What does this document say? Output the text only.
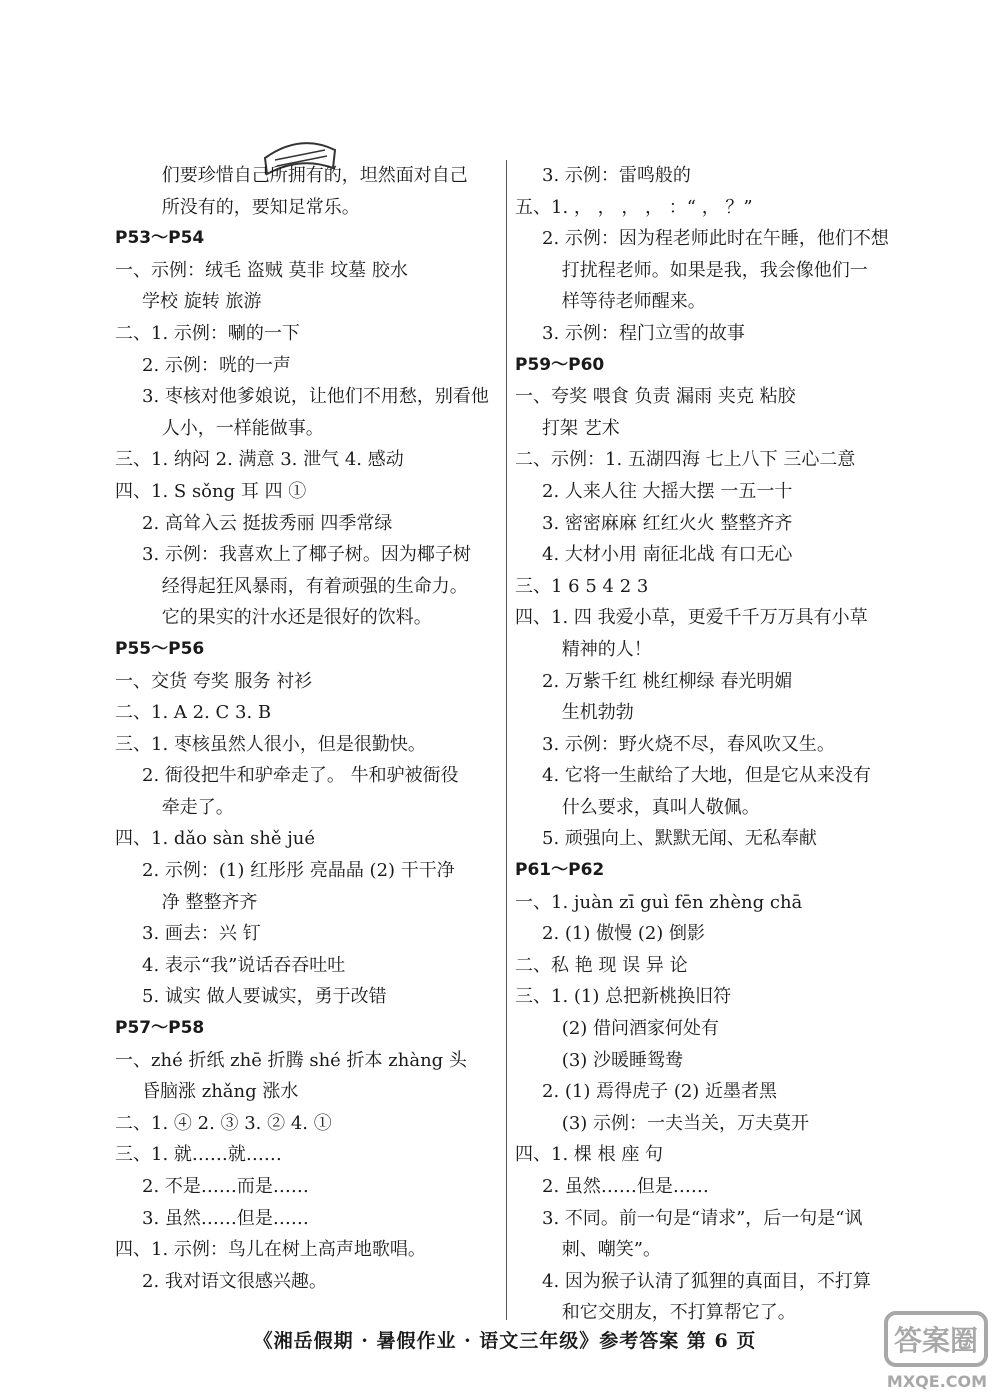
们要珍惜自己所拥有的，坦然面对自己
所没有的，要知足常乐。
P53～P54
一、示例：绒毛 盗贼 莫非 坟墓 胶水
学校 旋转 旅游
二、1. 示例：唰的一下
2. 示例：咣的一声
3. 枣核对他爹娘说，让他们不用愁，别看他
人小，一样能做事。
三、1. 纳闷 2. 满意 3. 泄气 4. 感动
四、1. S sǒng 耳 四 ①
2. 高耸入云 挺拔秀丽 四季常绿
3. 示例：我喜欢上了椰子树。因为椰子树
经得起狂风暴雨，有着顽强的生命力。
它的果实的汁水还是很好的饮料。
P55～P56
一、交货 夸奖 服务 衬衫
二、1. A 2. C 3. B
三、1. 枣核虽然人很小，但是很勤快。
2. 衙役把牛和驴牵走了。 牛和驴被衙役
牵走了。
四、1. dǎo sàn shě jué
2. 示例：(1) 红彤彤 亮晶晶 (2) 干干净
净 整整齐齐
3. 画去：兴 钉
4. 表示“我”说话吞吞吐吐
5. 诚实 做人要诚实，勇于改错
P57～P58
一、zhé 折纸 zhē 折腾 shé 折本 zhàng 头
昏脑涨 zhǎng 涨水
二、1. ④ 2. ③ 3. ② 4. ①
三、1. 就……就……
2. 不是……而是……
3. 虽然……但是……
四、1. 示例：鸟儿在树上高声地歌唱。
2. 我对语文很感兴趣。
3. 示例：雷鸣般的
五、1. ， ， ， ， ：“ ， ？”
2. 示例：因为程老师此时在午睡，他们不想
打扰程老师。如果是我，我会像他们一
样等待老师醒来。
3. 示例：程门立雪的故事
P59～P60
一、夸奖 喂食 负责 漏雨 夹克 粘胶
打架 艺术
二、示例：1. 五湖四海 七上八下 三心二意
2. 人来人往 大摇大摆 一五一十
3. 密密麻麻 红红火火 整整齐齐
4. 大材小用 南征北战 有口无心
三、1 6 5 4 2 3
四、1. 四 我爱小草，更爱千千万万具有小草
精神的人！
2. 万紫千红 桃红柳绿 春光明媚
生机勃勃
3. 示例：野火烧不尽，春风吹又生。
4. 它将一生献给了大地，但是它从来没有
什么要求，真叫人敬佩。
5. 顽强向上、默默无闻、无私奉献
P61～P62
一、1. juàn zī guì fēn zhèng chā
2. (1) 傲慢 (2) 倒影
二、私 艳 现 误 异 论
三、1. (1) 总把新桃换旧符
(2) 借问酒家何处有
(3) 沙暖睡鸳鸯
2. (1) 焉得虎子 (2) 近墨者黑
(3) 示例：一夫当关，万夫莫开
四、1. 棵 根 座 句
2. 虽然……但是……
3. 不同。前一句是“请求”，后一句是“讽
刺、嘲笑”。
4. 因为猴子认清了狐狸的真面目，不打算
和它交朋友，不打算帮它了。
《湘岳假期 · 暑假作业 · 语文三年级》参考答案 第 6 页	答案圈
MXQE.COM
